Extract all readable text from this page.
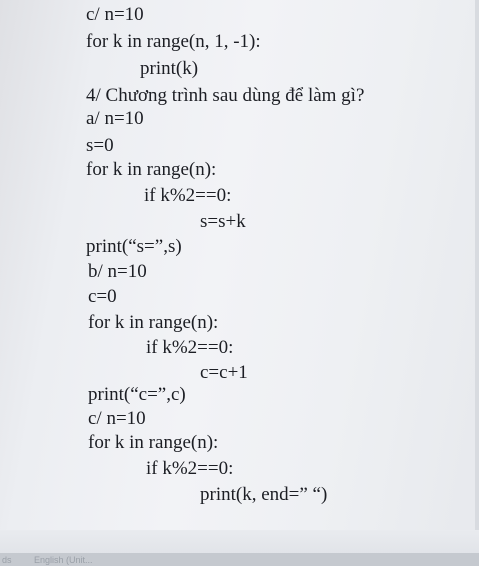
c/ n=10
for k in range(n, 1, -1):
print(k)
4/ Chương trình sau dùng để làm gì?
a/ n=10
s=0
for k in range(n):
if k%2==0:
s=s+k
print(“s=”,s)
b/ n=10
c=0
for k in range(n):
if k%2==0:
c=c+1
print(“c=”,c)
c/ n=10
for k in range(n):
if k%2==0:
print(k, end=” “)
ds English (Unit...
